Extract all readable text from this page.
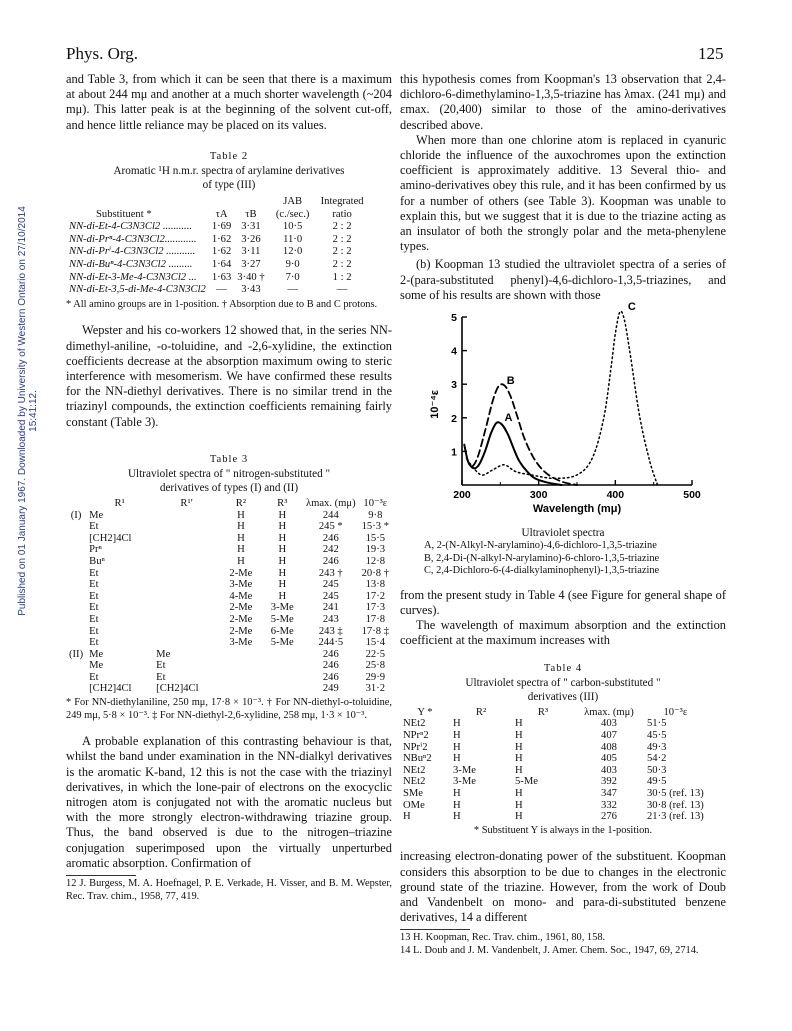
Phys. Org.	125
Published on 01 January 1967. Downloaded by University of Western Ontario on 27/10/2014 15:41:12.

and Table 3, from which it can be seen that there is a maximum at about 244 mμ and another at a much shorter wavelength (~204 mμ). This latter peak is at the beginning of the solvent cut-off, and hence little reliance may be placed on its values.

Table 2
Aromatic ¹H n.m.r. spectra of arylamine derivatives
of type (III)
Substituent *	τA	τB	JAB (c./sec.)	Integrated ratio
NN-di-Et-4-C3N3Cl2 ...........	1·69	3·31	10·5	2 : 2
NN-di-Prⁿ-4-C3N3Cl2............	1·62	3·26	11·0	2 : 2
NN-di-Prⁱ-4-C3N3Cl2 ...........	1·62	3·11	12·0	2 : 2
NN-di-Buⁿ-4-C3N3Cl2 .........	1·64	3·27	9·0	2 : 2
NN-di-Et-3-Me-4-C3N3Cl2 ...	1·63	3·40 †	7·0	1 : 2
NN-di-Et-3,5-di-Me-4-C3N3Cl2	—	3·43	—	—
* All amino groups are in 1-position. † Absorption due to B and C protons.

Wepster and his co-workers 12 showed that, in the series NN-dimethyl-aniline, -o-toluidine, and -2,6-xylidine, the extinction coefficients decrease at the absorption maximum owing to steric interference with mesomerism. We have confirmed these results for the NN-diethyl derivatives. There is no similar trend in the triazinyl compounds, the extinction coefficients remaining fairly constant (Table 3).

Table 3
Ultraviolet spectra of " nitrogen-substituted "
derivatives of types (I) and (II)
	R¹	R¹′	R²	R³	λmax. (mμ)	10⁻³ε
(I)	Me		H	H	244	9·8
	Et		H	H	245 *	15·3 *
	[CH2]4Cl		H	H	246	15·5
	Prⁿ		H	H	242	19·3
	Buⁿ		H	H	246	12·8
	Et		2-Me	H	243 †	20·8 †
	Et		3-Me	H	245	13·8
	Et		4-Me	H	245	17·2
	Et		2-Me	3-Me	241	17·3
	Et		2-Me	5-Me	243	17·8
	Et		2-Me	6-Me	243 ‡	17·8 ‡
	Et		3-Me	5-Me	244·5	15·4
(II)	Me	Me			246	22·5
	Me	Et			246	25·8
	Et	Et			246	29·9
	[CH2]4Cl	[CH2]4Cl			249	31·2
* For NN-diethylaniline, 250 mμ, 17·8 × 10⁻³. † For NN-diethyl-o-toluidine, 249 mμ, 5·8 × 10⁻³. ‡ For NN-diethyl-2,6-xylidine, 258 mμ, 1·3 × 10⁻³.

A probable explanation of this contrasting behaviour is that, whilst the band under examination in the NN-dialkyl derivatives is the aromatic K-band, 12 this is not the case with the triazinyl derivatives, in which the lone-pair of electrons on the exocyclic nitrogen atom is conjugated not with the aromatic nucleus but with the more strongly electron-withdrawing triazine group. Thus, the band observed is due to the nitrogen–triazine conjugation superimposed upon the virtually unperturbed aromatic absorption. Confirmation of

12 J. Burgess, M. A. Hoefnagel, P. E. Verkade, H. Visser, and B. M. Wepster, Rec. Trav. chim., 1958, 77, 419.

this hypothesis comes from Koopman's 13 observation that 2,4-dichloro-6-dimethylamino-1,3,5-triazine has λmax. (241 mμ) and εmax. (20,400) similar to those of the amino-derivatives described above.

When more than one chlorine atom is replaced in cyanuric chloride the influence of the auxochromes upon the extinction coefficient is approximately additive. 13 Several thio- and amino-derivatives obey this rule, and it has been confirmed by us for a number of others (see Table 3). Koopman was unable to explain this, but we suggest that it is due to the triazine acting as an insulator of both the strongly polar and the meta-phenylene types.

(b) Koopman 13 studied the ultraviolet spectra of a series of 2-(para-substituted phenyl)-4,6-dichloro-1,3,5-triazines, and some of his results are shown with those

200	300	400	500
1
2
3
4
5
A
B
C
Wavelength (mμ)
10⁻⁴ε
Ultraviolet spectra
A, 2-(N-Alkyl-N-arylamino)-4,6-dichloro-1,3,5-triazine
B, 2,4-Di-(N-alkyl-N-arylamino)-6-chloro-1,3,5-triazine
C, 2,4-Dichloro-6-(4-dialkylaminophenyl)-1,3,5-triazine

from the present study in Table 4 (see Figure for general shape of curves).

The wavelength of maximum absorption and the extinction coefficient at the maximum increases with

Table 4
Ultraviolet spectra of " carbon-substituted "
derivatives (III)
Y *	R²	R³	λmax. (mμ)	10⁻³ε
NEt2	H	H	403	51·5
NPrⁿ2	H	H	407	45·5
NPrⁱ2	H	H	408	49·3
NBuⁿ2	H	H	405	54·2
NEt2	3-Me	H	403	50·3
NEt2	3-Me	5-Me	392	49·5
SMe	H	H	347	30·5 (ref. 13)
OMe	H	H	332	30·8 (ref. 13)
H	H	H	276	21·3 (ref. 13)
* Substituent Y is always in the 1-position.

increasing electron-donating power of the substituent. Koopman considers this absorption to be due to changes in the electronic ground state of the triazine. However, from the work of Doub and Vandenbelt on mono- and para-di-substituted benzene derivatives, 14 a different

13 H. Koopman, Rec. Trav. chim., 1961, 80, 158.
14 L. Doub and J. M. Vandenbelt, J. Amer. Chem. Soc., 1947, 69, 2714.
